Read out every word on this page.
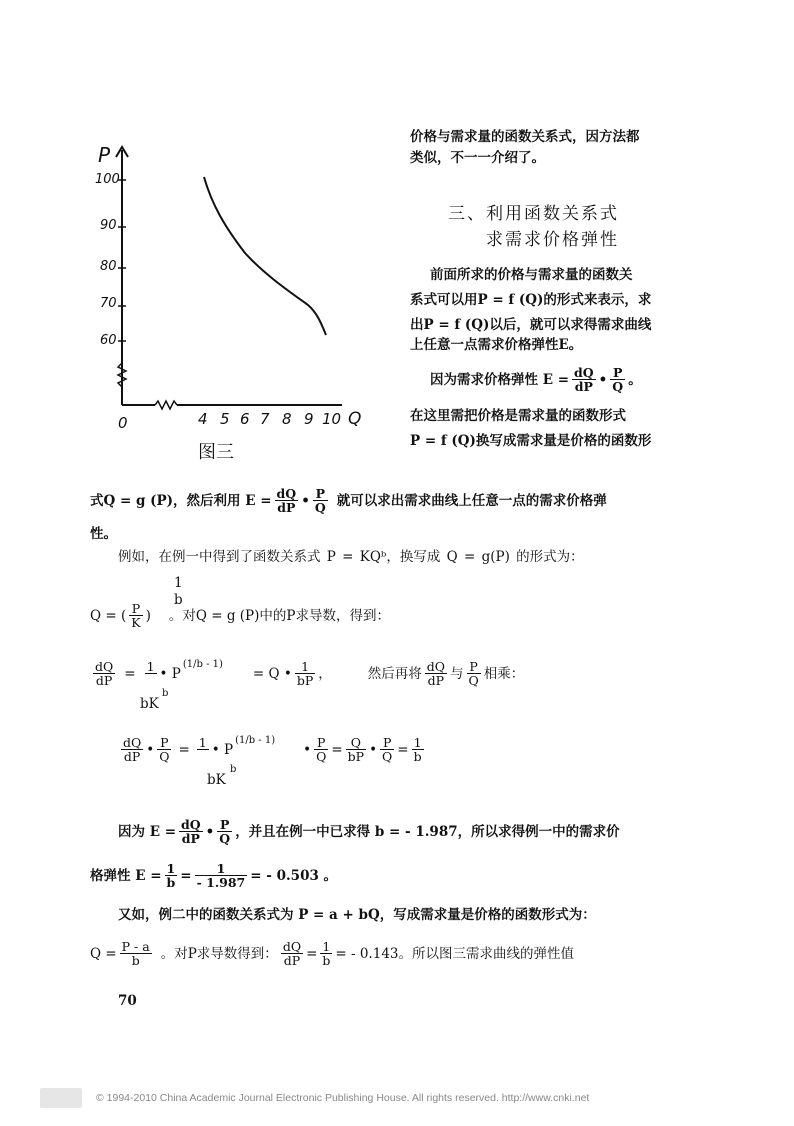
P
100
90
80
70
60
0	4 5 6 7 8 9 10 Q
图三
价格与需求量的函数关系式，因方法都
类似，不一一介绍了。
三、利用函数关系式
求需求价格弹性
前面所求的价格与需求量的函数关
系式可以用P = f (Q)的形式来表示，求
出P = f (Q)以后，就可以求得需求曲线
上任意一点需求价格弹性E。
因为需求价格弹性 $E = \frac{dQ}{dP}$ • $\frac{P}{Q}$ 。
在这里需把价格是需求量的函数形式
P = f (Q)换写成需求量是价格的函数形
式Q = g (P)，然后利用 $E = \frac{dQ}{dP}$ • $\frac{P}{Q}$ 就可以求出需求曲线上任意一点的需求价格弹
性。
例如，在例一中得到了函数关系式 P = KQᵇ，换写成 Q = g(P) 的形式为：
1
b
Q = ( $\frac{P}{K}$ ) 。对Q = g (P)中的P求导数，得到：
$\frac{dQ}{dP} = 1$
• P
(1/b - 1)
= Q • $\frac{1}{bP}$ ，	然后再将 $\frac{dQ}{dP}$ 与 $\frac{P}{Q}$ 相乘：
bK
b
$\frac{dQ}{dP}$ • $\frac{P}{Q} = 1$
• P
(1/b - 1)
• $\frac{P}{Q} = \frac{Q}{bP}$ • $\frac{P}{Q} = \frac{1}{b}$
bK
b
因为 $E = \frac{dQ}{dP}$ • $\frac{P}{Q}$ ，并且在例一中已求得 b = - 1.987，所以求得例一中的需求价
格弹性 $E = \frac{1}{b} = \frac{1}{- 1.987}$ = - 0.503 。
又如，例二中的函数关系式为 P = a + bQ，写成需求量是价格的函数形式为：
$Q = \frac{P - a}{b}$ 。对P求导数得到： $\frac{dQ}{dP} = \frac{1}{b}$ = - 0.143。所以图三需求曲线的弹性值
70
© 1994-2010 China Academic Journal Electronic Publishing House. All rights reserved. http://www.cnki.net
